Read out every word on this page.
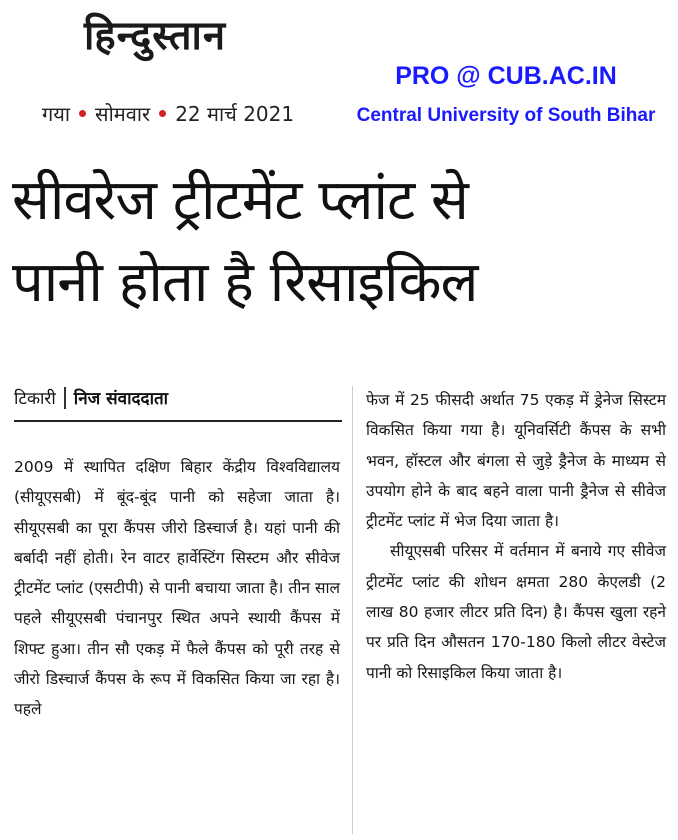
हिन्दुस्तान
गया सोमवार 22 मार्च 2021
PRO @ CUB.AC.IN
Central University of South Bihar
सीवरेज ट्रीटमेंट प्लांट से
पानी होता है रिसाइकिल
टिकारी निज संवाददाता

2009 में स्थापित दक्षिण बिहार केंद्रीय विश्वविद्यालय (सीयूएसबी) में बूंद-बूंद पानी को सहेजा जाता है। सीयूएसबी का पूरा कैंपस जीरो डिस्चार्ज है। यहां पानी की बर्बादी नहीं होती। रेन वाटर हार्वेस्टिंग सिस्टम और सीवेज ट्रीटमेंट प्लांट (एसटीपी) से पानी बचाया जाता है। तीन साल पहले सीयूएसबी पंचानपुर स्थित अपने स्थायी कैंपस में शिफ्ट हुआ। तीन सौ एकड़ में फैले कैंपस को पूरी तरह से जीरो डिस्चार्ज कैंपस के रूप में विकसित किया जा रहा है। पहले

फेज में 25 फीसदी अर्थात 75 एकड़ में ड्रेनेज सिस्टम विकसित किया गया है। यूनिवर्सिटी कैंपस के सभी भवन, हॉस्टल और बंगला से जुड़े ड्रैनेज के माध्यम से उपयोग होने के बाद बहने वाला पानी ड्रैनेज से सीवेज ट्रीटमेंट प्लांट में भेज दिया जाता है।

सीयूएसबी परिसर में वर्तमान में बनाये गए सीवेज ट्रीटमेंट प्लांट की शोधन क्षमता 280 केएलडी (2 लाख 80 हजार लीटर प्रति दिन) है। कैंपस खुला रहने पर प्रति दिन औसतन 170-180 किलो लीटर वेस्टेज पानी को रिसाइकिल किया जाता है।
